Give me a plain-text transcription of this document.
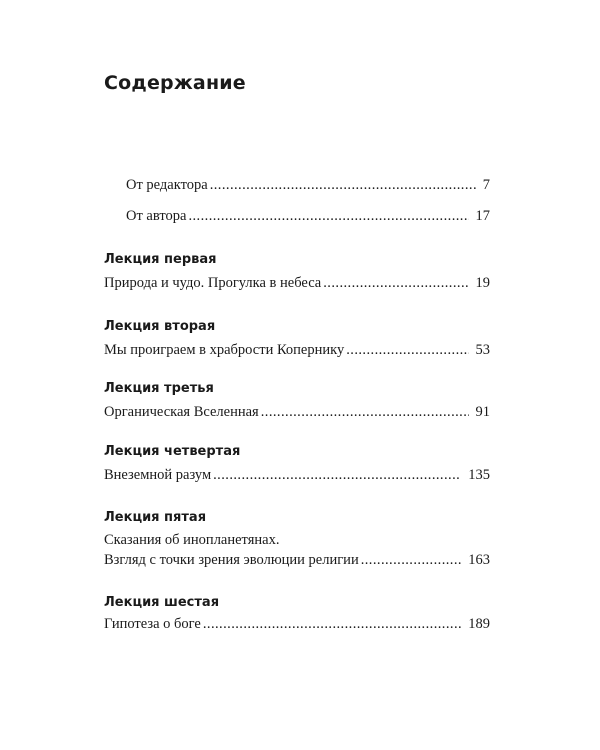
Содержание
От редактора . . .	7
От автора . . .	17
Лекция первая
Природа и чудо. Прогулка в небеса . . .	19
Лекция вторая
Мы проиграем в храбрости Копернику . . .	53
Лекция третья
Органическая Вселенная . . .	91
Лекция четвертая
Внеземной разум . . .	135
Лекция пятая
Сказания об инопланетянах.
Взгляд с точки зрения эволюции религии . . .	163
Лекция шестая
Гипотеза о боге . . .	189
